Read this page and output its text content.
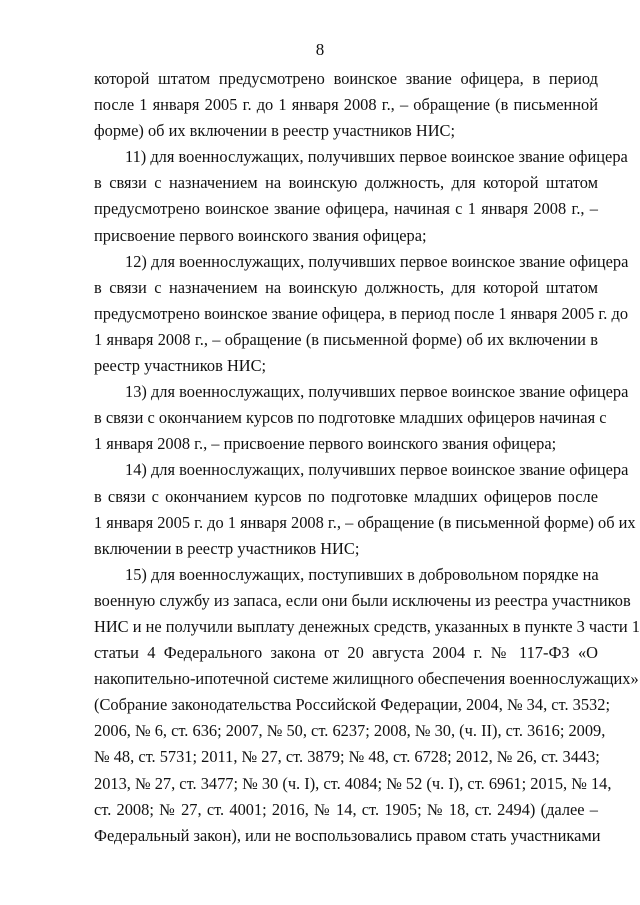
8
которой штатом предусмотрено воинское звание офицера, в период
после 1 января 2005 г. до 1 января 2008 г., – обращение (в письменной
форме) об их включении в реестр участников НИС;
11) для военнослужащих, получивших первое воинское звание офицера
в связи с назначением на воинскую должность, для которой штатом
предусмотрено воинское звание офицера, начиная с 1 января 2008 г., –
присвоение первого воинского звания офицера;
12) для военнослужащих, получивших первое воинское звание офицера
в связи с назначением на воинскую должность, для которой штатом
предусмотрено воинское звание офицера, в период после 1 января 2005 г. до
1 января 2008 г., – обращение (в письменной форме) об их включении в
реестр участников НИС;
13) для военнослужащих, получивших первое воинское звание офицера
в связи с окончанием курсов по подготовке младших офицеров начиная с
1 января 2008 г., – присвоение первого воинского звания офицера;
14) для военнослужащих, получивших первое воинское звание офицера
в связи с окончанием курсов по подготовке младших офицеров после
1 января 2005 г. до 1 января 2008 г., – обращение (в письменной форме) об их
включении в реестр участников НИС;
15) для военнослужащих, поступивших в добровольном порядке на
военную службу из запаса, если они были исключены из реестра участников
НИС и не получили выплату денежных средств, указанных в пункте 3 части 1
статьи 4 Федерального закона от 20 августа 2004 г. № 117-ФЗ «О
накопительно-ипотечной системе жилищного обеспечения военнослужащих»
(Собрание законодательства Российской Федерации, 2004, № 34, ст. 3532;
2006, № 6, ст. 636; 2007, № 50, ст. 6237; 2008, № 30, (ч. II), ст. 3616; 2009,
№ 48, ст. 5731; 2011, № 27, ст. 3879; № 48, ст. 6728; 2012, № 26, ст. 3443;
2013, № 27, ст. 3477; № 30 (ч. I), ст. 4084; № 52 (ч. I), ст. 6961; 2015, № 14,
ст. 2008; № 27, ст. 4001; 2016, № 14, ст. 1905; № 18, ст. 2494) (далее –
Федеральный закон), или не воспользовались правом стать участниками
